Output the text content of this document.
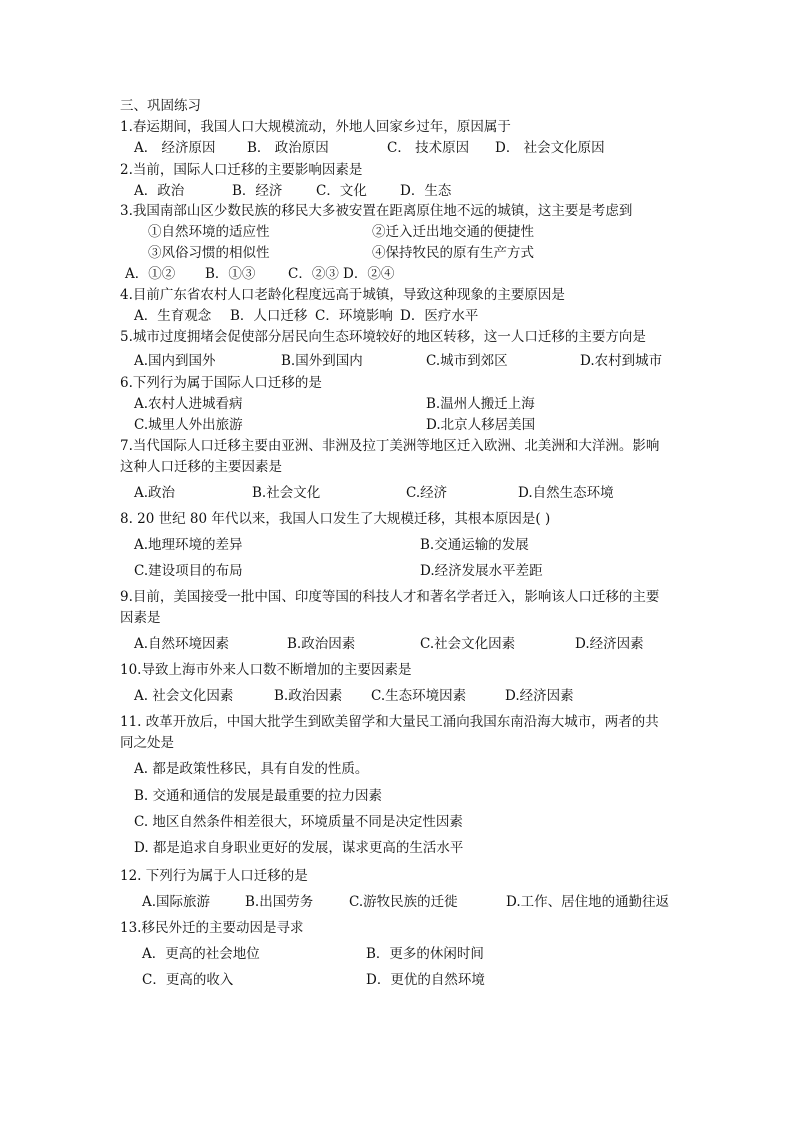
三、巩固练习
1.春运期间，我国人口大规模流动，外地人回家乡过年，原因属于
A． 经济原因 B． 政治原因	C． 技术原因 D． 社会文化原因
2.当前，国际人口迁移的主要影响因素是
A．政治	B．经济 C．文化 D．生态
3.我国南部山区少数民族的移民大多被安置在距离原住地不远的城镇，这主要是考虑到
①自然环境的适应性	②迁入迁出地交通的便捷性
③风俗习惯的相似性	④保持牧民的原有生产方式
A．①② B．①③ C．②③ D．②④
4.目前广东省农村人口老龄化程度远高于城镇，导致这种现象的主要原因是
A．生育观念 B．人口迁移 C．环境影响 D．医疗水平
5.城市过度拥堵会促使部分居民向生态环境较好的地区转移，这一人口迁移的主要方向是
A.国内到国外	B.国外到国内	C.城市到郊区	D.农村到城市
6.下列行为属于国际人口迁移的是
A.农村人进城看病	B.温州人搬迁上海
C.城里人外出旅游	D.北京人移居美国
7.当代国际人口迁移主要由亚洲、非洲及拉丁美洲等地区迁入欧洲、北美洲和大洋洲。影响
这种人口迁移的主要因素是
A.政治	B.社会文化	C.经济	D.自然生态环境
8. 20 世纪 80 年代以来，我国人口发生了大规模迁移，其根本原因是( )
A.地理环境的差异	B.交通运输的发展
C.建设项目的布局	D.经济发展水平差距
9.目前，美国接受一批中国、印度等国的科技人才和著名学者迁入，影响该人口迁移的主要
因素是
A.自然环境因素	B.政治因素	C.社会文化因素	D.经济因素
10.导致上海市外来人口数不断增加的主要因素是
A. 社会文化因素	B.政治因素 C.生态环境因素	D.经济因素
11. 改革开放后，中国大批学生到欧美留学和大量民工涌向我国东南沿海大城市，两者的共
同之处是
A. 都是政策性移民，具有自发的性质。
B. 交通和通信的发展是最重要的拉力因素
C. 地区自然条件相差很大，环境质量不同是决定性因素
D. 都是追求自身职业更好的发展，谋求更高的生活水平
12. 下列行为属于人口迁移的是
A.国际旅游	B.出国劳务	C.游牧民族的迁徙	D.工作、居住地的通勤往返
13.移民外迁的主要动因是寻求
A．更高的社会地位	B．更多的休闲时间
C．更高的收入	D．更优的自然环境
